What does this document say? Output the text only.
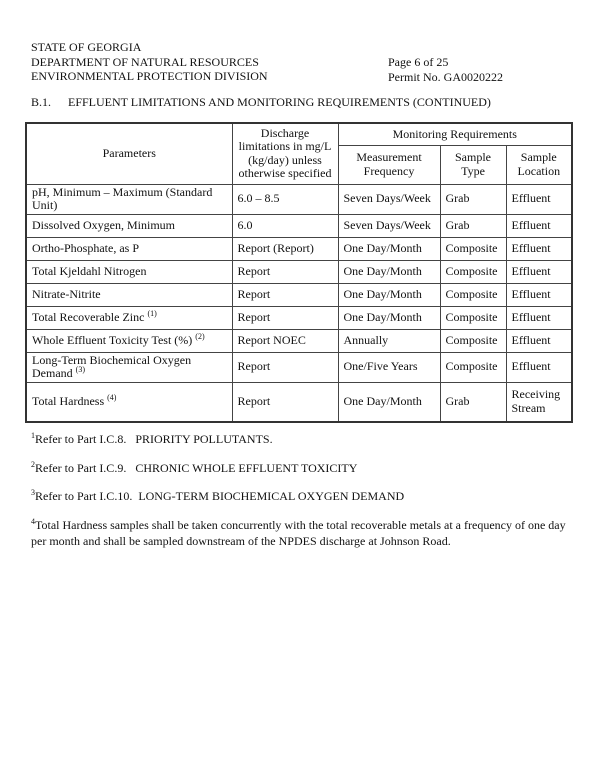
STATE OF GEORGIA
DEPARTMENT OF NATURAL RESOURCES
ENVIRONMENTAL PROTECTION DIVISION
Page 6 of 25
Permit No. GA0020222
B.1. EFFLUENT LIMITATIONS AND MONITORING REQUIREMENTS (CONTINUED)
Parameters	Discharge limitations in mg/L (kg/day) unless otherwise specified	Monitoring Requirements		
		Measurement Frequency	Sample Type	Sample Location
pH, Minimum – Maximum (Standard Unit)	6.0 – 8.5	Seven Days/Week	Grab	Effluent
Dissolved Oxygen, Minimum	6.0	Seven Days/Week	Grab	Effluent
Ortho-Phosphate, as P	Report (Report)	One Day/Month	Composite	Effluent
Total Kjeldahl Nitrogen	Report	One Day/Month	Composite	Effluent
Nitrate-Nitrite	Report	One Day/Month	Composite	Effluent
Total Recoverable Zinc $^{(1)}$	Report	One Day/Month	Composite	Effluent
Whole Effluent Toxicity Test (%) $^{(2)}$	Report NOEC	Annually	Composite	Effluent
Long-Term Biochemical Oxygen Demand $^{(3)}$	Report	One/Five Years	Composite	Effluent
Total Hardness $^{(4)}$	Report	One Day/Month	Grab	Receiving Stream
$^1$Refer to Part I.C.8.   PRIORITY POLLUTANTS.
$^2$Refer to Part I.C.9.   CHRONIC WHOLE EFFLUENT TOXICITY
$^3$Refer to Part I.C.10.  LONG-TERM BIOCHEMICAL OXYGEN DEMAND
$^4$Total Hardness samples shall be taken concurrently with the total recoverable metals at a frequency of one day per month and shall be sampled downstream of the NPDES discharge at Johnson Road.
